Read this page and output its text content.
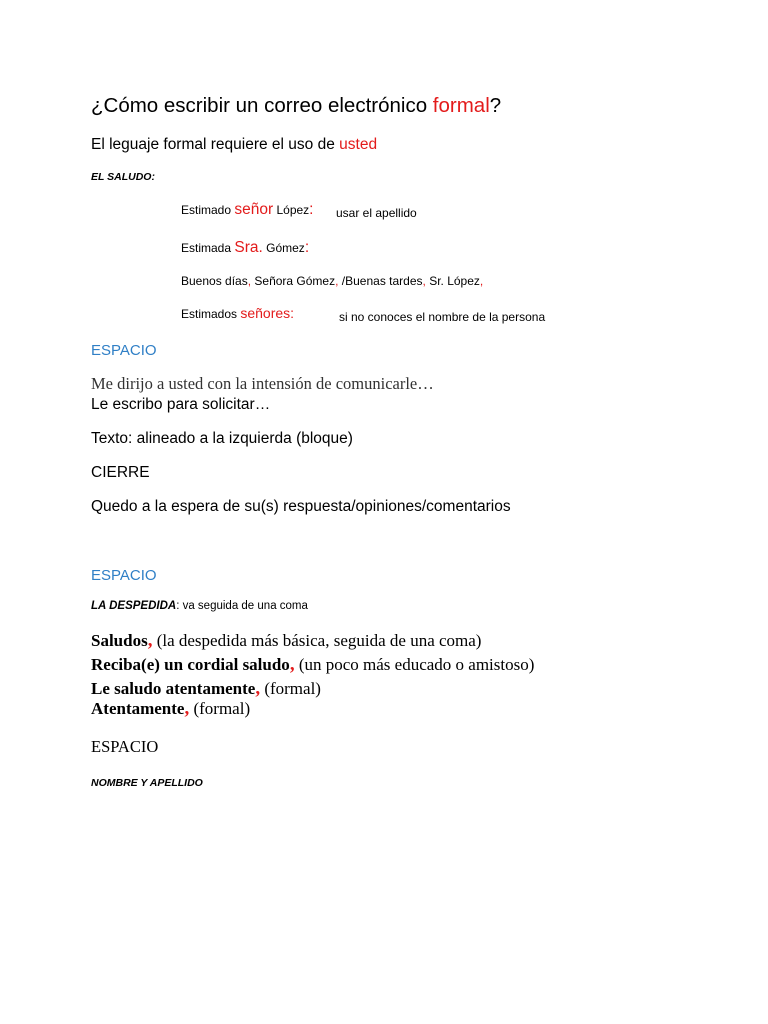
¿Cómo escribir un correo electrónico formal?
El leguaje formal requiere el uso de usted
EL SALUDO:
Estimado señor López: usar el apellido
Estimada Sra. Gómez:
Buenos días, Señora Gómez, /Buenas tardes, Sr. López,
Estimados señores:	si no conoces el nombre de la persona
ESPACIO
Me dirijo a usted con la intensión de comunicarle…
Le escribo para solicitar…
Texto: alineado a la izquierda (bloque)
CIERRE
Quedo a la espera de su(s) respuesta/opiniones/comentarios
ESPACIO
LA DESPEDIDA: va seguida de una coma
Saludos, (la despedida más básica, seguida de una coma)
Reciba(e) un cordial saludo, (un poco más educado o amistoso)
Le saludo atentamente, (formal)
Atentamente, (formal)
ESPACIO
NOMBRE Y APELLIDO
